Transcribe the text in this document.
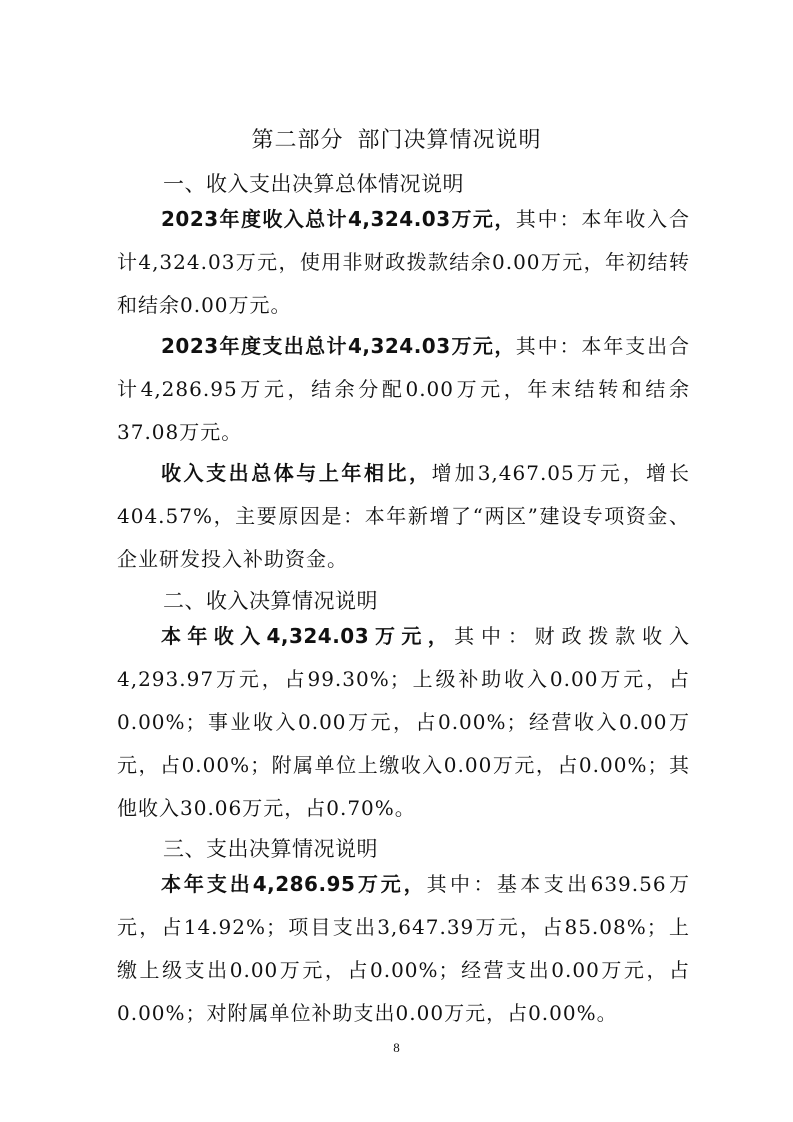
第二部分 部门决算情况说明
一、收入支出决算总体情况说明

2023年度收入总计4,324.03万元，其中：本年收入合计4,324.03万元，使用非财政拨款结余0.00万元，年初结转和结余0.00万元。

2023年度支出总计4,324.03万元，其中：本年支出合计4,286.95万元，结余分配0.00万元，年末结转和结余37.08万元。

收入支出总体与上年相比，增加3,467.05万元，增长404.57%，主要原因是：本年新增了“两区”建设专项资金、企业研发投入补助资金。

二、收入决算情况说明

本年收入4,324.03万元，其中：财政拨款收入4,293.97万元，占99.30%；上级补助收入0.00万元，占0.00%；事业收入0.00万元，占0.00%；经营收入0.00万元，占0.00%；附属单位上缴收入0.00万元，占0.00%；其他收入30.06万元，占0.70%。

三、支出决算情况说明

本年支出4,286.95万元，其中：基本支出639.56万元，占14.92%；项目支出3,647.39万元，占85.08%；上缴上级支出0.00万元，占0.00%；经营支出0.00万元，占0.00%；对附属单位补助支出0.00万元，占0.00%。

8
